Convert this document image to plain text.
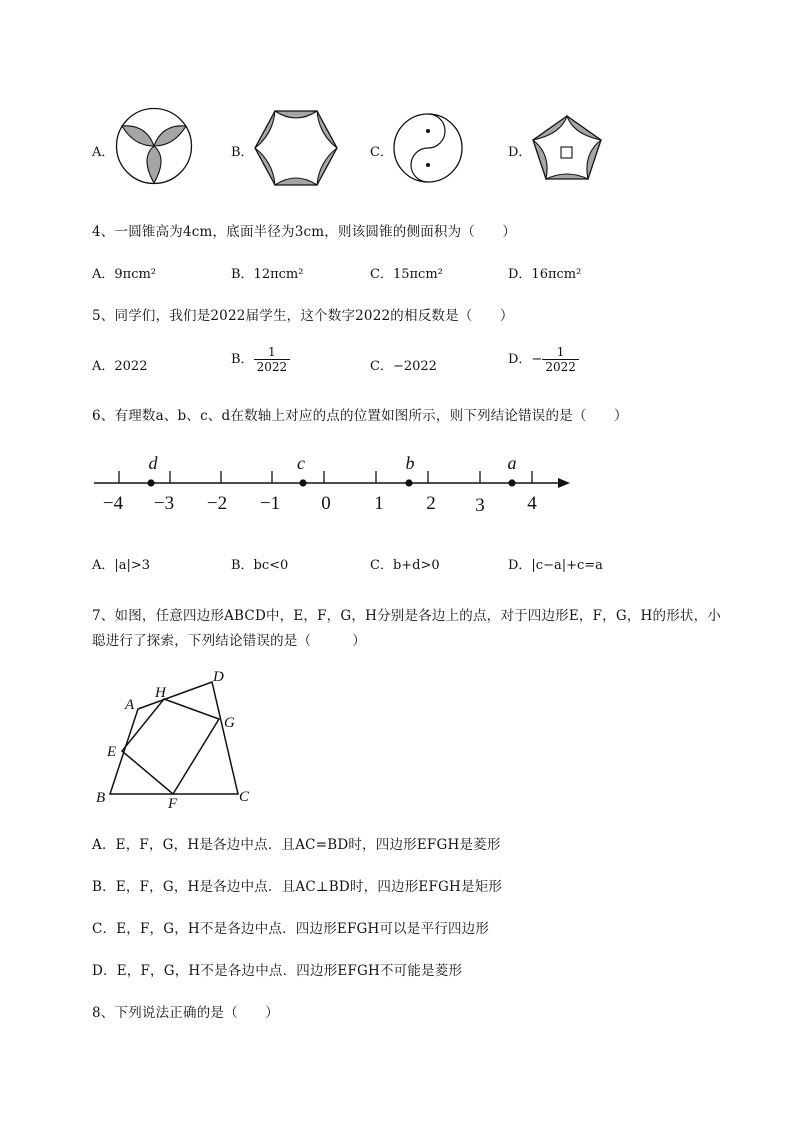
A．	B．	C．	D．
4、一圆锥高为4cm，底面半径为3cm，则该圆锥的侧面积为（　　）
A．9πcm²	B．12πcm²	C．15πcm²	D．16πcm²
5、同学们，我们是2022届学生，这个数字2022的相反数是（　　）
A．2022	B． $\frac{1}{2022}$	C．−2022	D．− $\frac{1}{2022}$
6、有理数a、b、c、d在数轴上对应的点的位置如图所示，则下列结论错误的是（　　）
−4 −3 −2 −1 0 1 2 3 4
d	c	b	a
A．|a|>3	B．bc<0	C．b+d>0	D．|c−a|+c=a
7、如图，任意四边形ABCD中，E，F，G，H分别是各边上的点，对于四边形E，F，G，H的形状，小
聪进行了探索，下列结论错误的是（　　　）
A
B	C
D
E
F
G
H
A．E，F，G，H是各边中点．且AC=BD时，四边形EFGH是菱形
B．E，F，G，H是各边中点．且AC⊥BD时，四边形EFGH是矩形
C．E，F，G，H不是各边中点．四边形EFGH可以是平行四边形
D．E，F，G，H不是各边中点．四边形EFGH不可能是菱形
8、下列说法正确的是（　　）
